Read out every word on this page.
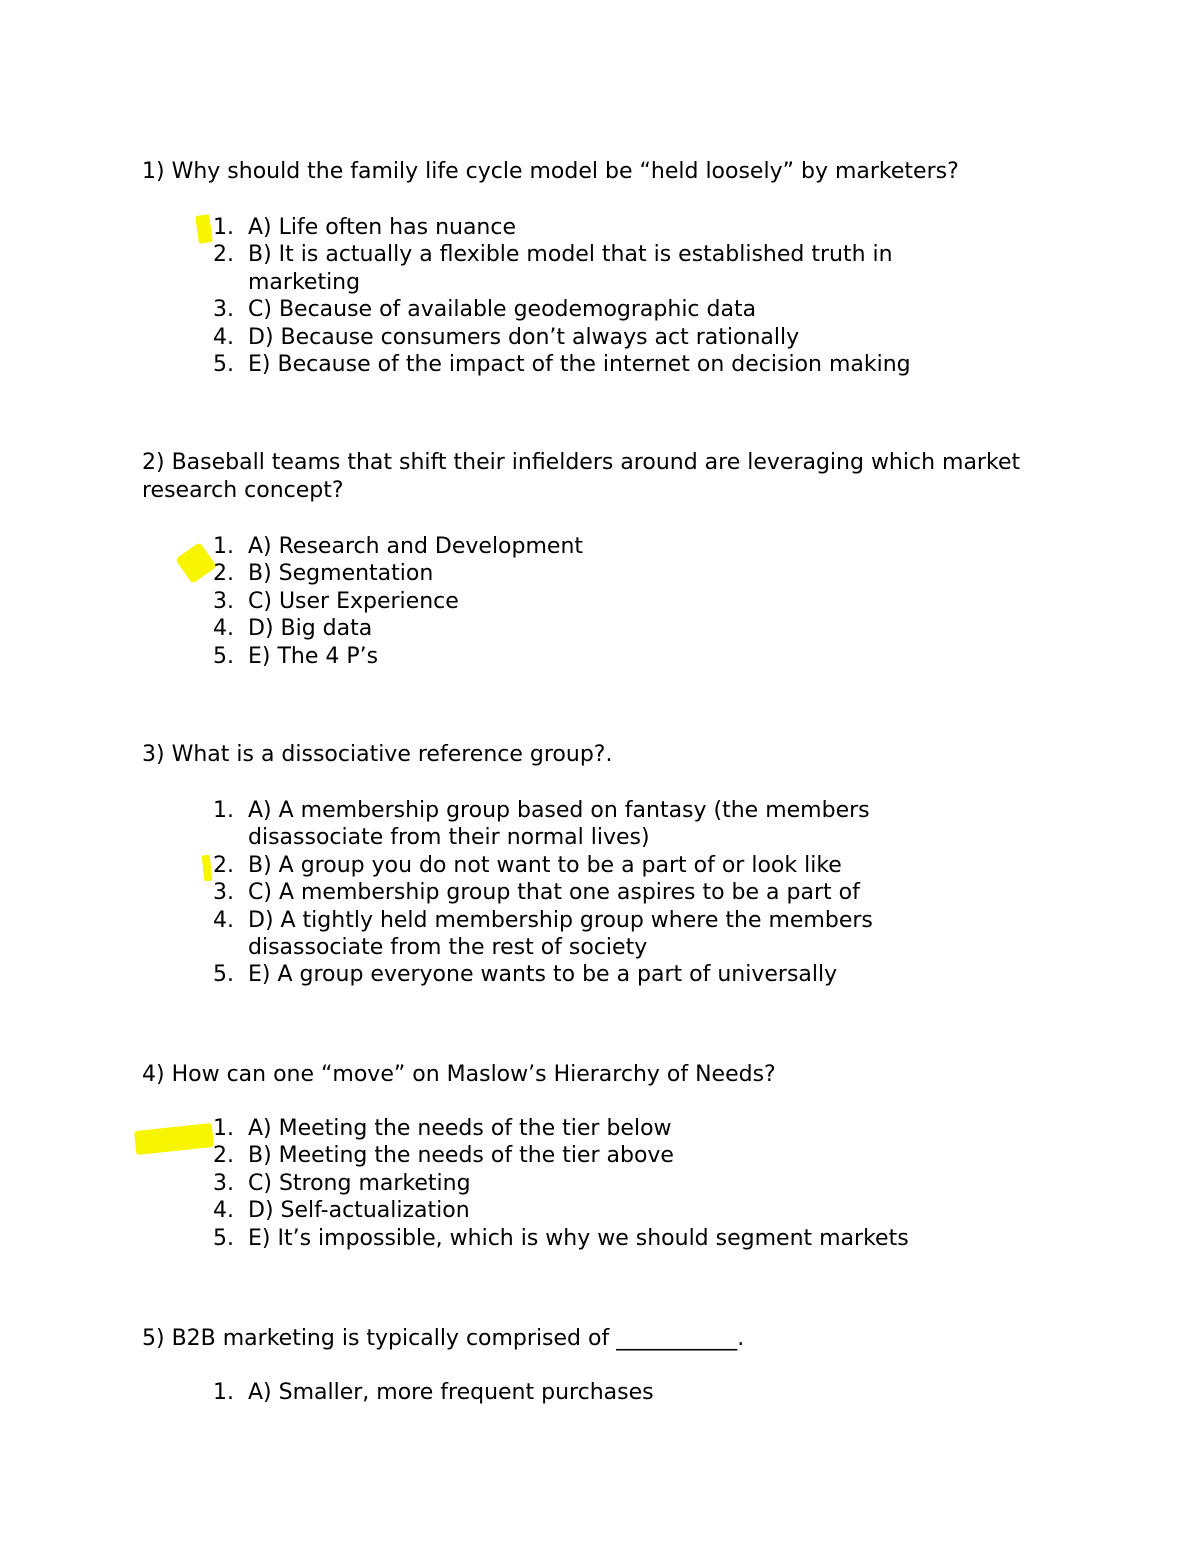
1) Why should the family life cycle model be “held loosely” by marketers?
1. A) Life often has nuance
2. B) It is actually a flexible model that is established truth in marketing
3. C) Because of available geodemographic data
4. D) Because consumers don’t always act rationally
5. E) Because of the impact of the internet on decision making
2) Baseball teams that shift their infielders around are leveraging which market research concept?
1. A) Research and Development
2. B) Segmentation
3. C) User Experience
4. D) Big data
5. E) The 4 P’s
3) What is a dissociative reference group?.
1. A) A membership group based on fantasy (the members disassociate from their normal lives)
2. B) A group you do not want to be a part of or look like
3. C) A membership group that one aspires to be a part of
4. D) A tightly held membership group where the members disassociate from the rest of society
5. E) A group everyone wants to be a part of universally
4) How can one “move” on Maslow’s Hierarchy of Needs?
1. A) Meeting the needs of the tier below
2. B) Meeting the needs of the tier above
3. C) Strong marketing
4. D) Self-actualization
5. E) It’s impossible, which is why we should segment markets
5) B2B marketing is typically comprised of ___________.
1. A) Smaller, more frequent purchases
